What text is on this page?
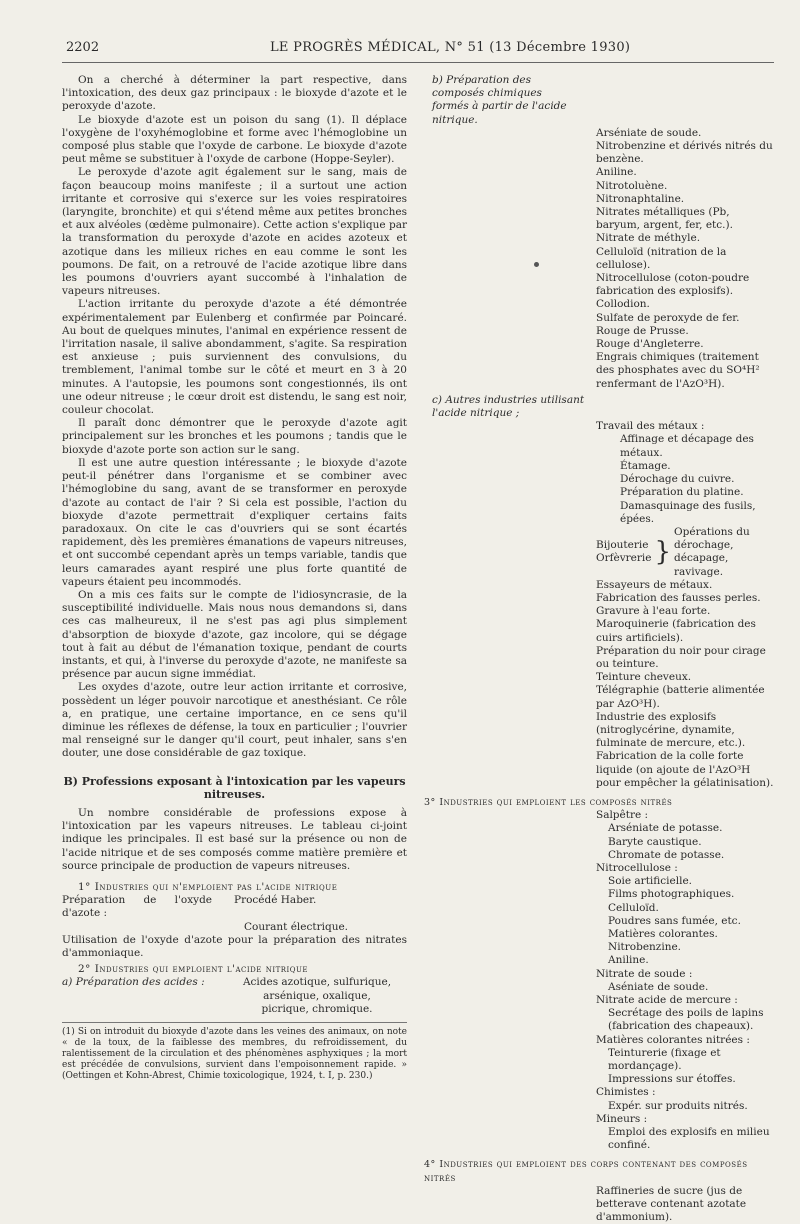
2202	LE PROGRÈS MÉDICAL, N° 51 (13 Décembre 1930)

On a cherché à déterminer la part respective, dans l'intoxication, des deux gaz principaux : le bioxyde d'azote et le peroxyde d'azote.

Le bioxyde d'azote est un poison du sang (1). Il déplace l'oxygène de l'oxyhémoglobine et forme avec l'hémoglobine un composé plus stable que l'oxyde de carbone. Le bioxyde d'azote peut même se substituer à l'oxyde de carbone (Hoppe-Seyler).

Le peroxyde d'azote agit également sur le sang, mais de façon beaucoup moins manifeste ; il a surtout une action irritante et corrosive qui s'exerce sur les voies respiratoires (laryngite, bronchite) et qui s'étend même aux petites bronches et aux alvéoles (œdème pulmonaire). Cette action s'explique par la transformation du peroxyde d'azote en acides azoteux et azotique dans les milieux riches en eau comme le sont les poumons. De fait, on a retrouvé de l'acide azotique libre dans les poumons d'ouvriers ayant succombé à l'inhalation de vapeurs nitreuses.

L'action irritante du peroxyde d'azote a été démontrée expérimentalement par Eulenberg et confirmée par Poincaré. Au bout de quelques minutes, l'animal en expérience ressent de l'irritation nasale, il salive abondamment, s'agite. Sa respiration est anxieuse ; puis surviennent des convulsions, du tremblement, l'animal tombe sur le côté et meurt en 3 à 20 minutes. A l'autopsie, les poumons sont congestionnés, ils ont une odeur nitreuse ; le cœur droit est distendu, le sang est noir, couleur chocolat.

Il paraît donc démontrer que le peroxyde d'azote agit principalement sur les bronches et les poumons ; tandis que le bioxyde d'azote porte son action sur le sang.

Il est une autre question intéressante ; le bioxyde d'azote peut-il pénétrer dans l'organisme et se combiner avec l'hémoglobine du sang, avant de se transformer en peroxyde d'azote au contact de l'air ? Si cela est possible, l'action du bioxyde d'azote permettrait d'expliquer certains faits paradoxaux. On cite le cas d'ouvriers qui se sont écartés rapidement, dès les premières émanations de vapeurs nitreuses, et ont succombé cependant après un temps variable, tandis que leurs camarades ayant respiré une plus forte quantité de vapeurs étaient peu incommodés.

On a mis ces faits sur le compte de l'idiosyncrasie, de la susceptibilité individuelle. Mais nous nous demandons si, dans ces cas malheureux, il ne s'est pas agi plus simplement d'absorption de bioxyde d'azote, gaz incolore, qui se dégage tout à fait au début de l'émanation toxique, pendant de courts instants, et qui, à l'inverse du peroxyde d'azote, ne manifeste sa présence par aucun signe immédiat.

Les oxydes d'azote, outre leur action irritante et corrosive, possèdent un léger pouvoir narcotique et anesthésiant. Ce rôle a, en pratique, une certaine importance, en ce sens qu'il diminue les réflexes de défense, la toux en particulier ; l'ouvrier mal renseigné sur le danger qu'il court, peut inhaler, sans s'en douter, une dose considérable de gaz toxique.

B) Professions exposant à l'intoxication par les vapeurs nitreuses.

Un nombre considérable de professions expose à l'intoxication par les vapeurs nitreuses. Le tableau ci-joint indique les principales. Il est basé sur la présence ou non de l'acide nitrique et de ses composés comme matière première et source principale de production de vapeurs nitreuses.

1° Industries qui n'emploient pas l'acide nitrique

Préparation de l'oxyde d'azote :
Procédé Haber.
Courant électrique.

Utilisation de l'oxyde d'azote pour la préparation des nitrates d'ammoniaque.

2° Industries qui emploient l'acide nitrique

a) Préparation des acides :	Acides azotique, sulfurique, arsénique, oxalique, picrique, chromique.
(1) Si on introduit du bioxyde d'azote dans les veines des animaux, on note « de la toux, de la faiblesse des membres, du refroidissement, du ralentissement de la circulation et des phénomènes asphyxiques ; la mort est précédée de convulsions, survient dans l'empoisonnement rapide. » (Oettingen et Kohn-Abrest, Chimie toxicologique, 1924, t. I, p. 230.)
b) Préparation des composés chimiques formés à partir de l'acide nitrique.
Arséniate de soude.
Nitrobenzine et dérivés nitrés du benzène.
Aniline.
Nitrotoluène.
Nitronaphtaline.
Nitrates métalliques (Pb, baryum, argent, fer, etc.).
Nitrate de méthyle.
Celluloïd (nitration de la cellulose).
Nitrocellulose (coton-poudre fabrication des explosifs).
Collodion.
Sulfate de peroxyde de fer.
Rouge de Prusse.
Rouge d'Angleterre.
Engrais chimiques (traitement des phosphates avec du SO⁴H² renfermant de l'AzO³H).
c) Autres industries utilisant l'acide nitrique ;
Travail des métaux :
Affinage et décapage des métaux.
Étamage.
Dérochage du cuivre.
Préparation du platine.
Damasquinage des fusils, épées.
Bijouterie
Orfèvrerie }
Opérations du dérochage, décapage, ravivage.
Essayeurs de métaux.
Fabrication des fausses perles.
Gravure à l'eau forte.
Maroquinerie (fabrication des cuirs artificiels).
Préparation du noir pour cirage ou teinture.
Teinture cheveux.
Télégraphie (batterie alimentée par AzO³H).
Industrie des explosifs (nitroglycérine, dynamite, fulminate de mercure, etc.).
Fabrication de la colle forte liquide (on ajoute de l'AzO³H pour empêcher la gélatinisation).
3° Industries qui emploient les composés nitrés
Salpêtre :
Arséniate de potasse.
Baryte caustique.
Chromate de potasse.
Nitrocellulose :
Soie artificielle.
Films photographiques.
Celluloïd.
Poudres sans fumée, etc.
Matières colorantes.
Nitrobenzine.
Aniline.
Nitrate de soude :
Aséniate de soude.
Nitrate acide de mercure :
Secrétage des poils de lapins (fabrication des chapeaux).
Matières colorantes nitrées :
Teinturerie (fixage et mordançage).
Impressions sur étoffes.
Chimistes :
Expér. sur produits nitrés.
Mineurs :
Emploi des explosifs en milieu confiné.
4° Industries qui emploient des corps contenant des composés nitrés
Raffineries de sucre (jus de betterave contenant azotate d'ammonium).
